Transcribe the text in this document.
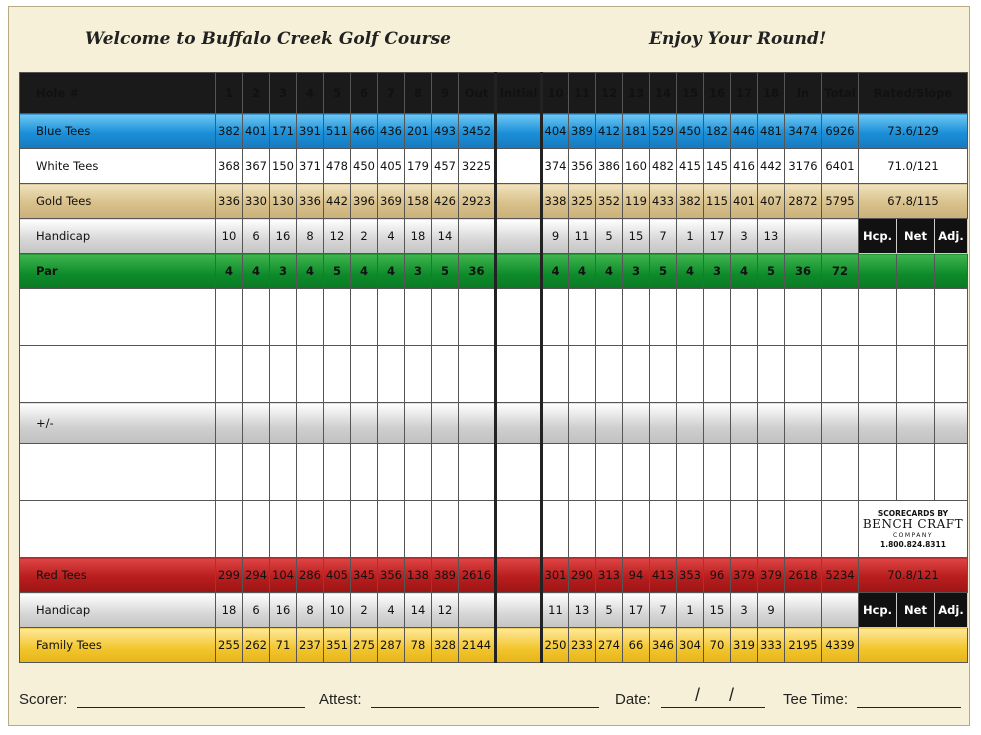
Welcome to Buffalo Creek Golf Course	Enjoy Your Round!
Hole #	1	2	3	4	5	6	7	8	9	Out	Initial	10	11	12	13	14	15	16	17	18	In	Total	Rated/Slope		
Blue Tees	382	401	171	391	511	466	436	201	493	3452		404	389	412	181	529	450	182	446	481	3474	6926	73.6/129		
White Tees	368	367	150	371	478	450	405	179	457	3225		374	356	386	160	482	415	145	416	442	3176	6401	71.0/121		
Gold Tees	336	330	130	336	442	396	369	158	426	2923		338	325	352	119	433	382	115	401	407	2872	5795	67.8/115		
Handicap	10	6	16	8	12	2	4	18	14			9	11	5	15	7	1	17	3	13			Hcp.	Net	Adj.
Par	4	4	3	4	5	4	4	3	5	36		4	4	4	3	5	4	3	4	5	36	72			

+/-																									

																							SCORECARDS BY
BENCH CRAFT
COMPANY
1.800.824.8311		

Red Tees	299	294	104	286	405	345	356	138	389	2616		301	290	313	94	413	353	96	379	379	2618	5234	70.8/121		
Handicap	18	6	16	8	10	2	4	14	12			11	13	5	17	7	1	15	3	9			Hcp.	Net	Adj.
Family Tees	255	262	71	237	351	275	287	78	328	2144		250	233	274	66	346	304	70	319	333	2195	4339			
Scorer:	Attest:	Date: / /	Tee Time:
